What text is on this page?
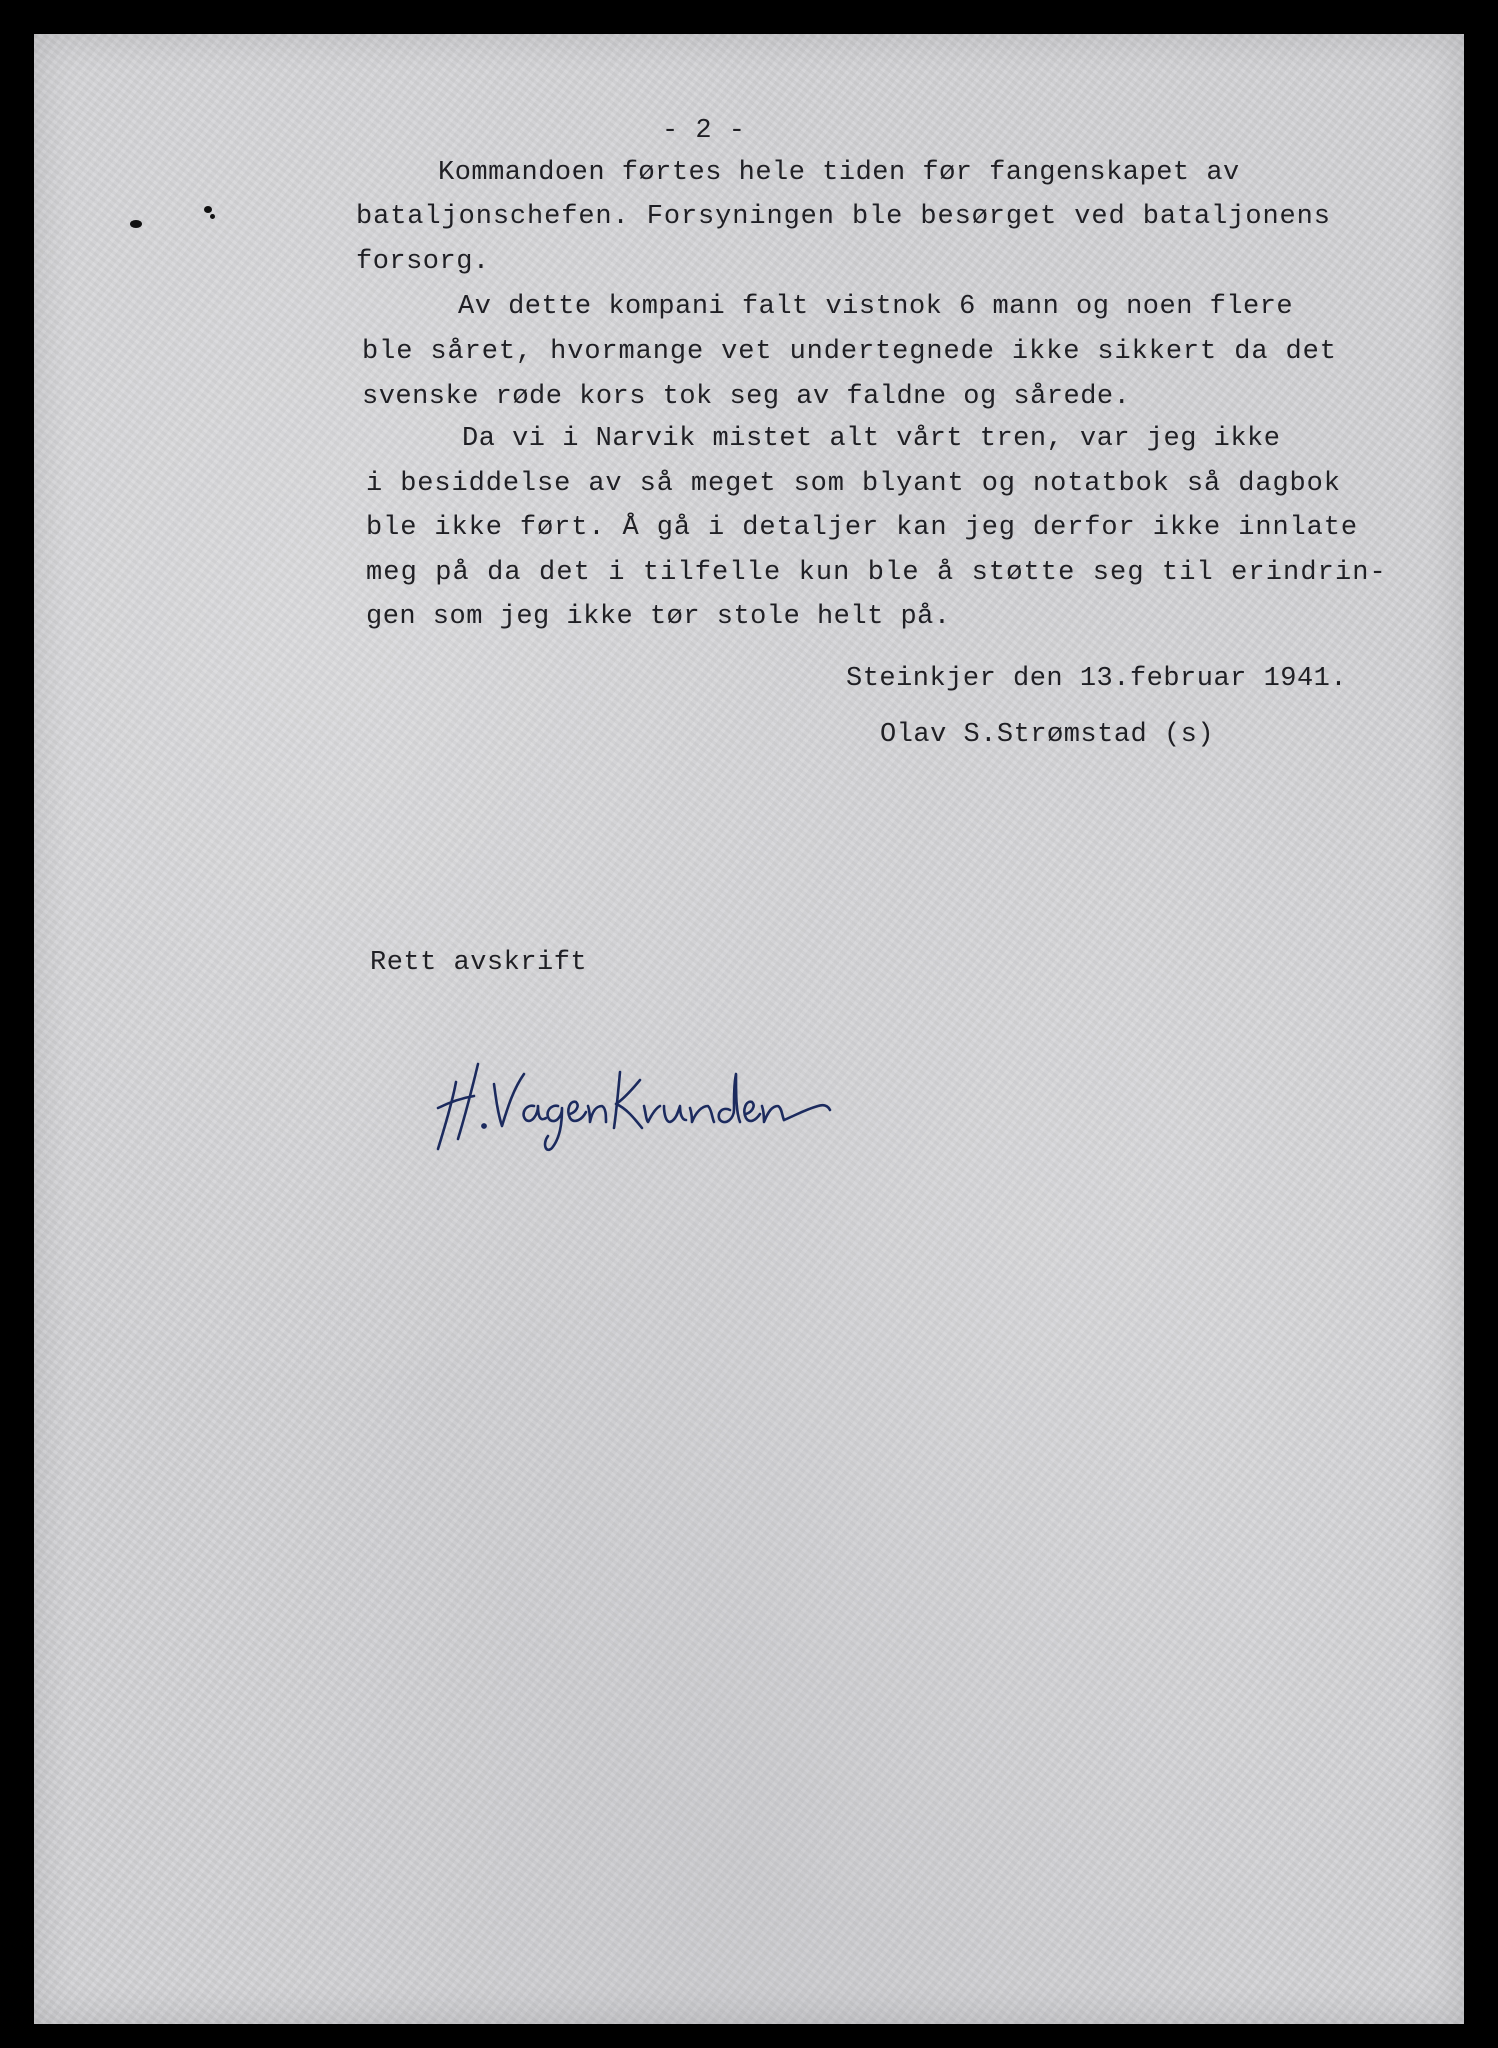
- 2 -
Kommandoen førtes hele tiden før fangenskapet av
bataljonschefen. Forsyningen ble besørget ved bataljonens
forsorg.
Av dette kompani falt vistnok 6 mann og noen flere
ble såret, hvormange vet undertegnede ikke sikkert da det
svenske røde kors tok seg av faldne og sårede.
Da vi i Narvik mistet alt vårt tren, var jeg ikke
i besiddelse av så meget som blyant og notatbok så dagbok
ble ikke ført. Å gå i detaljer kan jeg derfor ikke innlate
meg på da det i tilfelle kun ble å støtte seg til erindrin-
gen som jeg ikke tør stole helt på.
Steinkjer den 13.februar 1941.
Olav S.Strømstad (s)
Rett avskrift
